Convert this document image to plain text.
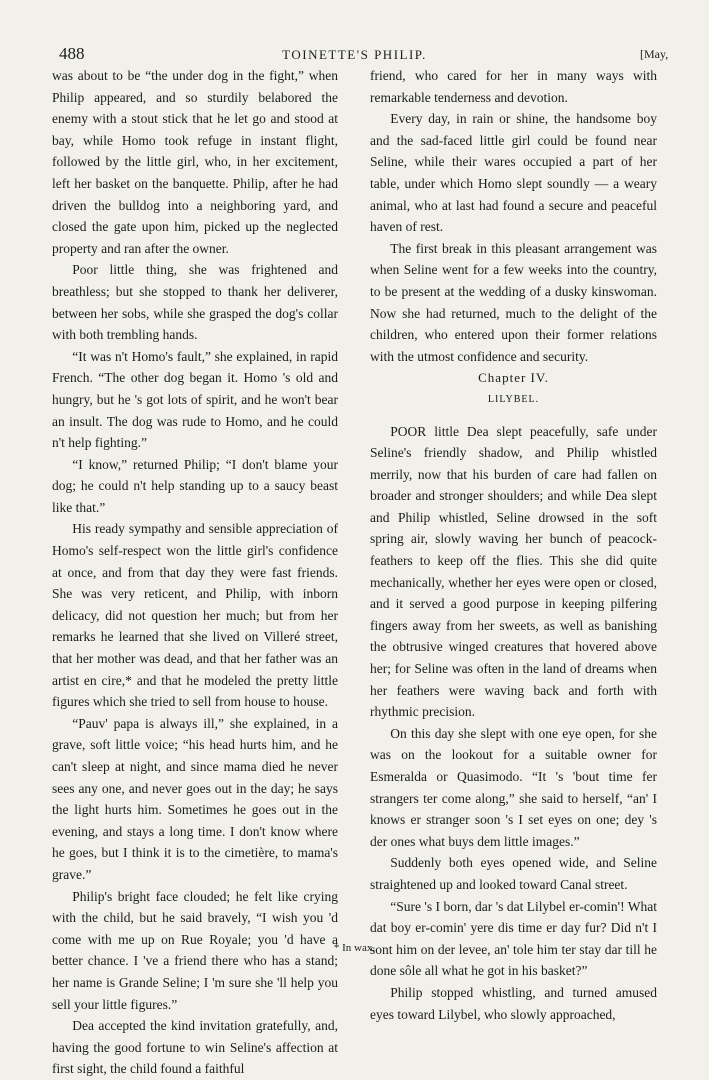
488	TOINETTE'S PHILIP.	[May,

was about to be “the under dog in the fight,” when Philip appeared, and so sturdily belabored the enemy with a stout stick that he let go and stood at bay, while Homo took refuge in instant flight, followed by the little girl, who, in her excitement, left her basket on the banquette. Philip, after he had driven the bulldog into a neighboring yard, and closed the gate upon him, picked up the neglected property and ran after the owner.

Poor little thing, she was frightened and breathless; but she stopped to thank her deliverer, between her sobs, while she grasped the dog's collar with both trembling hands.

“It was n't Homo's fault,” she explained, in rapid French. “The other dog began it. Homo 's old and hungry, but he 's got lots of spirit, and he won't bear an insult. The dog was rude to Homo, and he could n't help fighting.”

“I know,” returned Philip; “I don't blame your dog; he could n't help standing up to a saucy beast like that.”

His ready sympathy and sensible appreciation of Homo's self-respect won the little girl's confidence at once, and from that day they were fast friends. She was very reticent, and Philip, with inborn delicacy, did not question her much; but from her remarks he learned that she lived on Villeré street, that her mother was dead, and that her father was an artist en cire,* and that he modeled the pretty little figures which she tried to sell from house to house.

“Pauv' papa is always ill,” she explained, in a grave, soft little voice; “his head hurts him, and he can't sleep at night, and since mama died he never sees any one, and never goes out in the day; he says the light hurts him. Sometimes he goes out in the evening, and stays a long time. I don't know where he goes, but I think it is to the cimetière, to mama's grave.”

Philip's bright face clouded; he felt like crying with the child, but he said bravely, “I wish you 'd come with me up on Rue Royale; you 'd have a better chance. I 've a friend there who has a stand; her name is Grande Seline; I 'm sure she 'll help you sell your little figures.”

Dea accepted the kind invitation gratefully, and, having the good fortune to win Seline's affection at first sight, the child found a faithful

friend, who cared for her in many ways with remarkable tenderness and devotion.

Every day, in rain or shine, the handsome boy and the sad-faced little girl could be found near Seline, while their wares occupied a part of her table, under which Homo slept soundly — a weary animal, who at last had found a secure and peaceful haven of rest.

The first break in this pleasant arrangement was when Seline went for a few weeks into the country, to be present at the wedding of a dusky kinswoman. Now she had returned, much to the delight of the children, who entered upon their former relations with the utmost confidence and security.

Chapter IV.

LILYBEL.

POOR little Dea slept peacefully, safe under Seline's friendly shadow, and Philip whistled merrily, now that his burden of care had fallen on broader and stronger shoulders; and while Dea slept and Philip whistled, Seline drowsed in the soft spring air, slowly waving her bunch of peacock-feathers to keep off the flies. This she did quite mechanically, whether her eyes were open or closed, and it served a good purpose in keeping pilfering fingers away from her sweets, as well as banishing the obtrusive winged creatures that hovered above her; for Seline was often in the land of dreams when her feathers were waving back and forth with rhythmic precision.

On this day she slept with one eye open, for she was on the lookout for a suitable owner for Esmeralda or Quasimodo. “It 's 'bout time fer strangers ter come along,” she said to herself, “an' I knows er stranger soon 's I set eyes on one; dey 's der ones what buys dem little images.”

Suddenly both eyes opened wide, and Seline straightened up and looked toward Canal street.

“Sure 's I born, dar 's dat Lilybel er-comin'! What dat boy er-comin' yere dis time er day fur? Did n't I sont him on der levee, an' tole him ter stay dar till he done sôle all what he got in his basket?”

Philip stopped whistling, and turned amused eyes toward Lilybel, who slowly approached,

* In wax.
